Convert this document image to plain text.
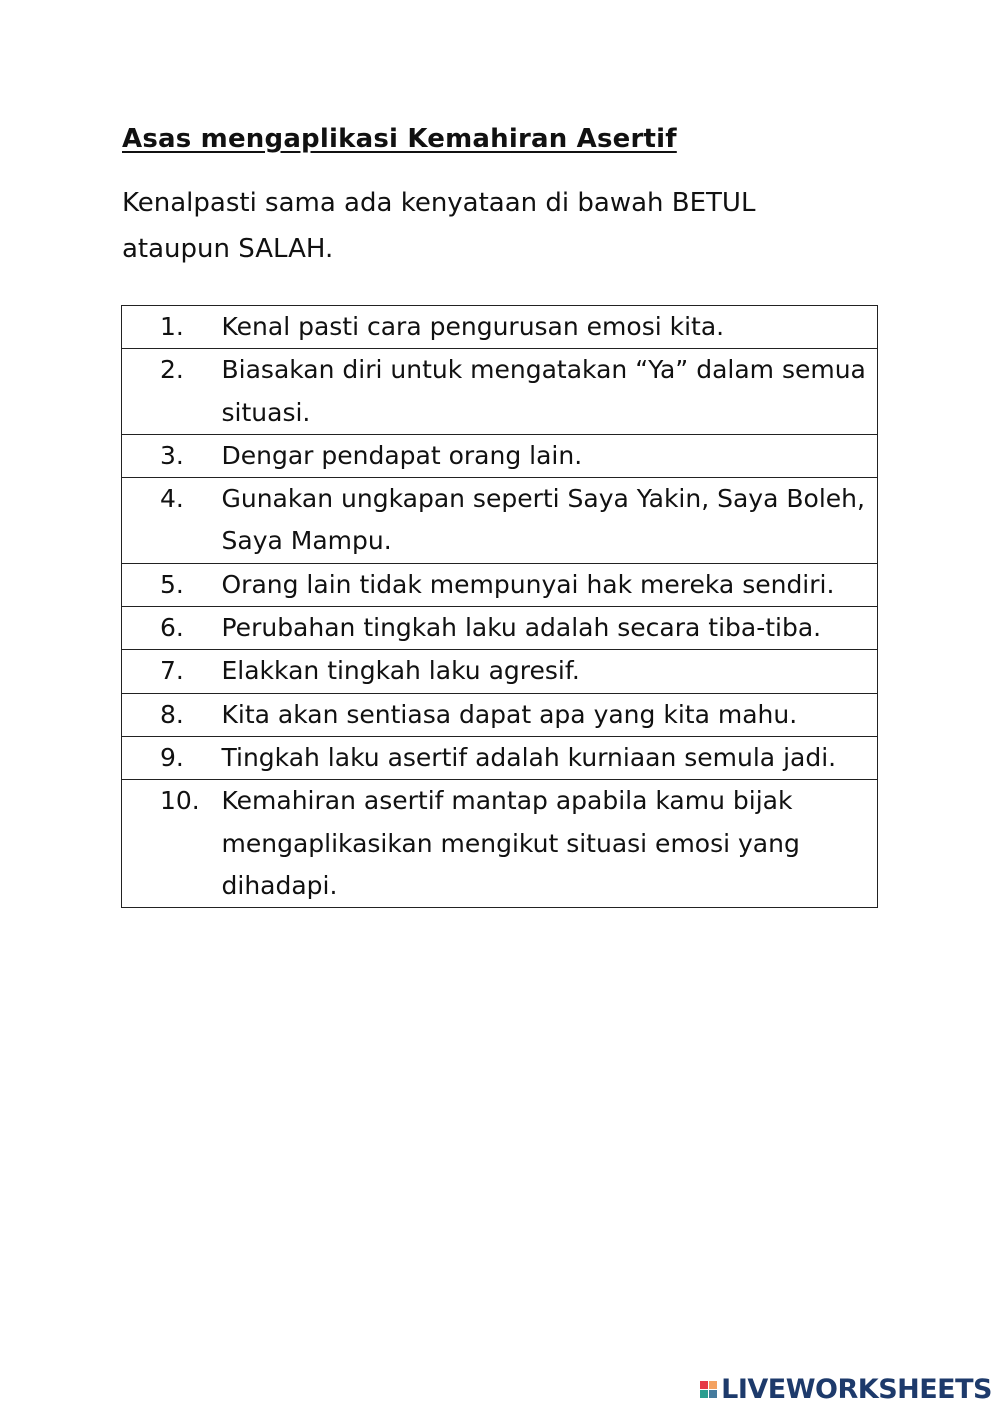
Asas mengaplikasi Kemahiran Asertif

Kenalpasti sama ada kenyataan di bawah BETUL ataupun SALAH.

1.	Kenal pasti cara pengurusan emosi kita.
2.	Biasakan diri untuk mengatakan “Ya” dalam semua situasi.
3.	Dengar pendapat orang lain.
4.	Gunakan ungkapan seperti Saya Yakin, Saya Boleh, Saya Mampu.
5.	Orang lain tidak mempunyai hak mereka sendiri.
6.	Perubahan tingkah laku adalah secara tiba-tiba.
7.	Elakkan tingkah laku agresif.
8.	Kita akan sentiasa dapat apa yang kita mahu.
9.	Tingkah laku asertif adalah kurniaan semula jadi.
10.	Kemahiran asertif mantap apabila kamu bijak mengaplikasikan mengikut situasi emosi yang dihadapi.
LIVEWORKSHEETS
